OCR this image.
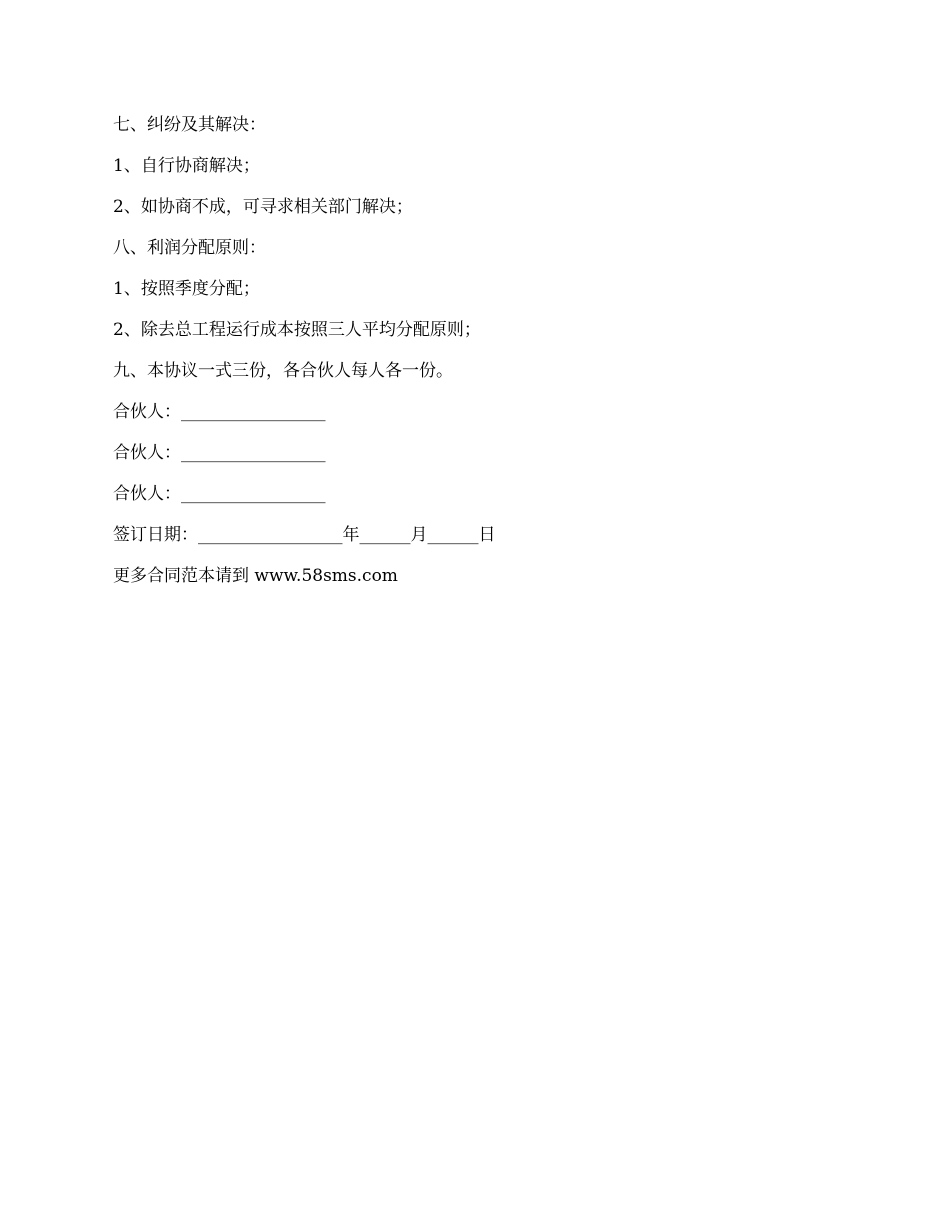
七、纠纷及其解决：
1、自行协商解决；
2、如协商不成，可寻求相关部门解决；
八、利润分配原则：
1、按照季度分配；
2、除去总工程运行成本按照三人平均分配原则；
九、本协议一式三份，各合伙人每人各一份。
合伙人：_________________
合伙人：_________________
合伙人：_________________
签订日期：_________________年______月______日
更多合同范本请到 www.58sms.com
